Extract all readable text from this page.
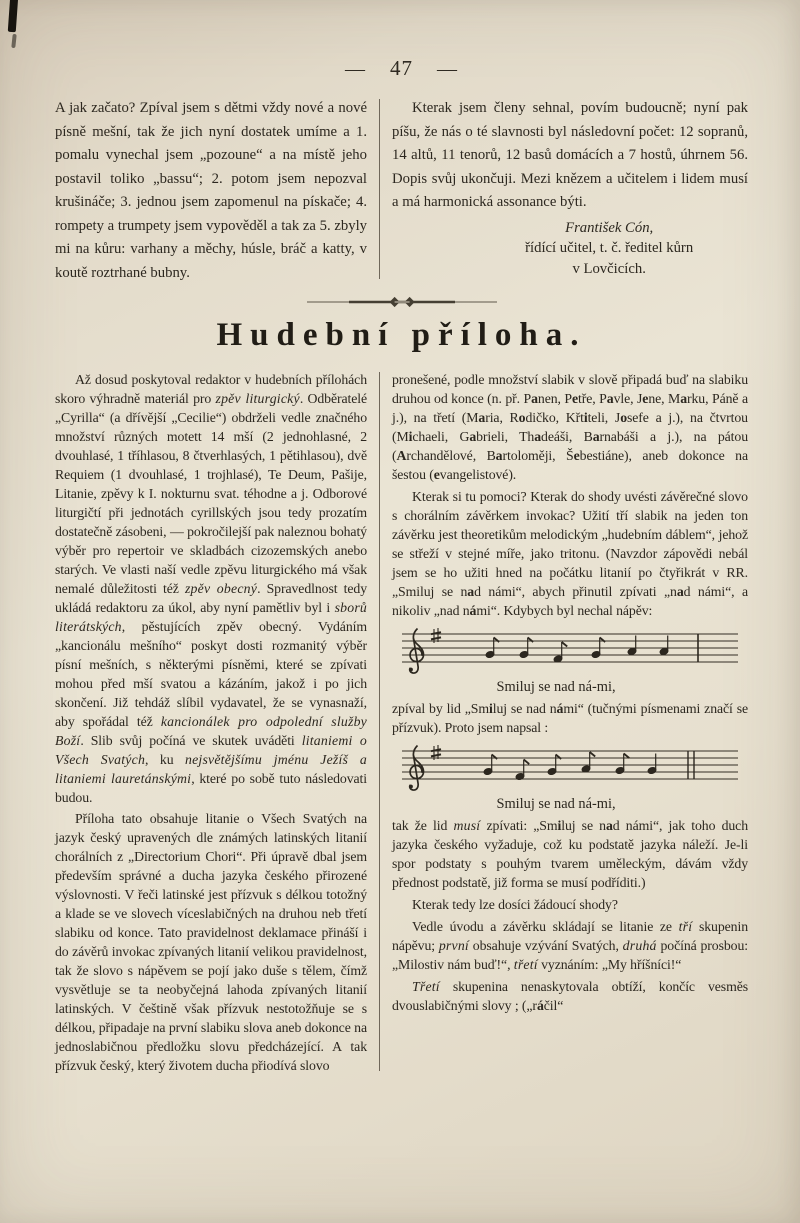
— 47 —

A jak začato? Zpíval jsem s dětmi vždy nové a nové písně mešní, tak že jich nyní dostatek umíme a 1. pomalu vynechal jsem „pozoune“ a na místě jeho postavil toliko „bassu“; 2. potom jsem nepozval krušináče; 3. jednou jsem zapomenul na pískače; 4. rompety a trumpety jsem vypověděl a tak za 5. zbyly mi na kůru: varhany a měchy, húsle, bráč a katty, v koutě roztrhané bubny.

Kterak jsem členy sehnal, povím budoucně; nyní pak píšu, že nás o té slavnosti byl následovní počet: 12 sopranů, 14 altů, 11 tenorů, 12 basů domácích a 7 hostů, úhrnem 56. Dopis svůj ukončuji. Mezi knězem a učitelem i lidem musí a má harmonická assonance býti.

František Cón,
řídící učitel, t. č. ředitel kůrn
v Lovčicích.
Hudební příloha.

Až dosud poskytoval redaktor v hudebních přílohách skoro výhradně materiál pro zpěv liturgický. Odběratelé „Cyrilla“ (a dřívější „Cecilie“) obdrželi vedle značného množství různých motett 14 mší (2 jednohlasné, 2 dvouhlasé, 1 tříhlasou, 8 čtverhlasých, 1 pětihlasou), dvě Requiem (1 dvouhlasé, 1 trojhlasé), Te Deum, Pašije, Litanie, zpěvy k I. nokturnu svat. téhodne a j. Odborové liturgičtí při jednotách cyrillských jsou tedy prozatím dostatečně zásobeni, — pokročilejší pak naleznou bohatý výběr pro repertoir ve skladbách cizozemských anebo starých. Ve vlasti naší vedle zpěvu liturgického má však nemalé důležitosti též zpěv obecný. Spravedlnost tedy ukládá redaktoru za úkol, aby nyní pamětliv byl i sborů literátských, pěstujících zpěv obecný. Vydáním „kancionálu mešního“ poskyt dosti rozmanitý výběr písní mešních, s některými písněmi, které se zpívati mohou před mší svatou a kázáním, jakož i po jich skončení. Již tehdáž slíbil vydavatel, že se vynasnaží, aby spořádal též kancionálek pro odpolední služby Boží. Slib svůj počíná ve skutek uváděti litaniemi o Všech Svatých, ku nejsvětějšímu jménu Ježíš a litaniemi lauretánskými, které po sobě tuto následovati budou.

Příloha tato obsahuje litanie o Všech Svatých na jazyk český upravených dle známých latinských litanií chorálních z „Directorium Chori“. Při úpravě dbal jsem především správné a ducha jazyka českého přirozené výslovnosti. V řeči latinské jest přízvuk s délkou totožný a klade se ve slovech víceslabičných na druhou neb třetí slabiku od konce. Tato pravidelnost deklamace přináší i do závěrů invokac zpívaných litanií velikou pravidelnost, tak že slovo s nápěvem se pojí jako duše s tělem, čímž vysvětluje se ta neobyčejná lahoda zpívaných litanií latinských. V češtině však přízvuk nestotožňuje se s délkou, připadaje na první slabiku slova aneb dokonce na jednoslabičnou předložku slovu předcházející. A tak přízvuk český, který životem ducha přiodívá slovo

pronešené, podle množství slabik v slově připadá buď na slabiku druhou od konce (n. př. Panen, Petře, Pavle, Jene, Marku, Páně a j.), na třetí (Maria, Rodičko, Křtiteli, Josefe a j.), na čtvrtou (Michaeli, Gabrieli, Thadeáši, Barnabáši a j.), na pátou (Archandělové, Bartoloměji, Šebestiáne), aneb dokonce na šestou (evangelistové).

Kterak si tu pomoci? Kterak do shody uvésti závěrečné slovo s chorálním závěrkem invokac? Užití tří slabik na jeden ton závěrku jest theoretikům melodickým „hudebním dáblem“, jehož se střeží v stejné míře, jako tritonu. (Navzdor zápovědi nebál jsem se ho užiti hned na počátku litanií po čtyřikrát v RR. „Smiluj se nad námi“, abych přinutil zpívati „nad námi“, a nikoliv „nad námi“. Kdybych byl nechal nápěv:

Smiluj se nad ná-mi,

zpíval by lid „Smiluj se nad námi“ (tučnými písmenami značí se přízvuk). Proto jsem napsal :

Smiluj se nad ná-mi,

tak že lid musí zpívati: „Smiluj se nad námi“, jak toho duch jazyka českého vyžaduje, což ku podstatě jazyka náleží. Je-li spor podstaty s pouhým tvarem uměleckým, dávám vždy přednost podstatě, již forma se musí podříditi.)

Kterak tedy lze dosíci žádoucí shody?

Vedle úvodu a závěrku skládají se litanie ze tří skupenin nápěvu; první obsahuje vzývání Svatých, druhá počíná prosbou: „Milostiv nám buď!“, třetí vyznáním: „My hříšníci!“

Třetí skupenina nenaskytovala obtíží, končíc vesměs dvouslabičnými slovy ; („ráčil“
